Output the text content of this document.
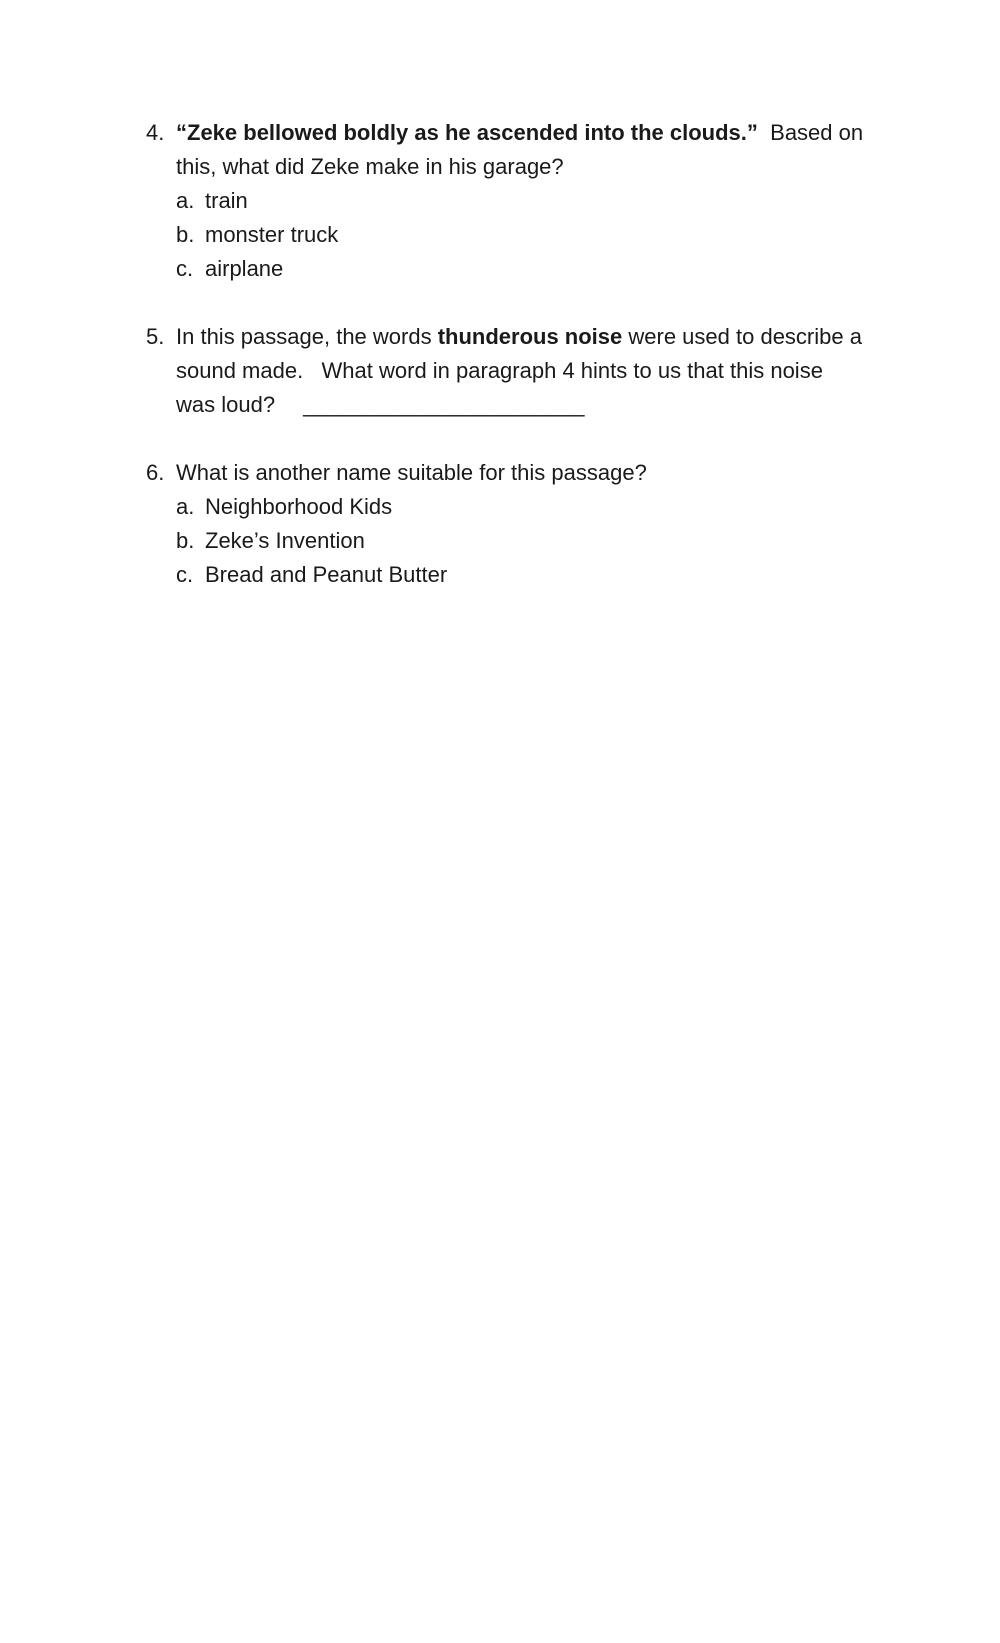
4. “Zeke bellowed boldly as he ascended into the clouds.” Based on this, what did Zeke make in his garage?
a. train
b. monster truck
c. airplane
5. In this passage, the words thunderous noise were used to describe a sound made.   What word in paragraph 4 hints to us that this noise was loud? _______________________
6. What is another name suitable for this passage?
a. Neighborhood Kids
b. Zeke’s Invention
c. Bread and Peanut Butter
